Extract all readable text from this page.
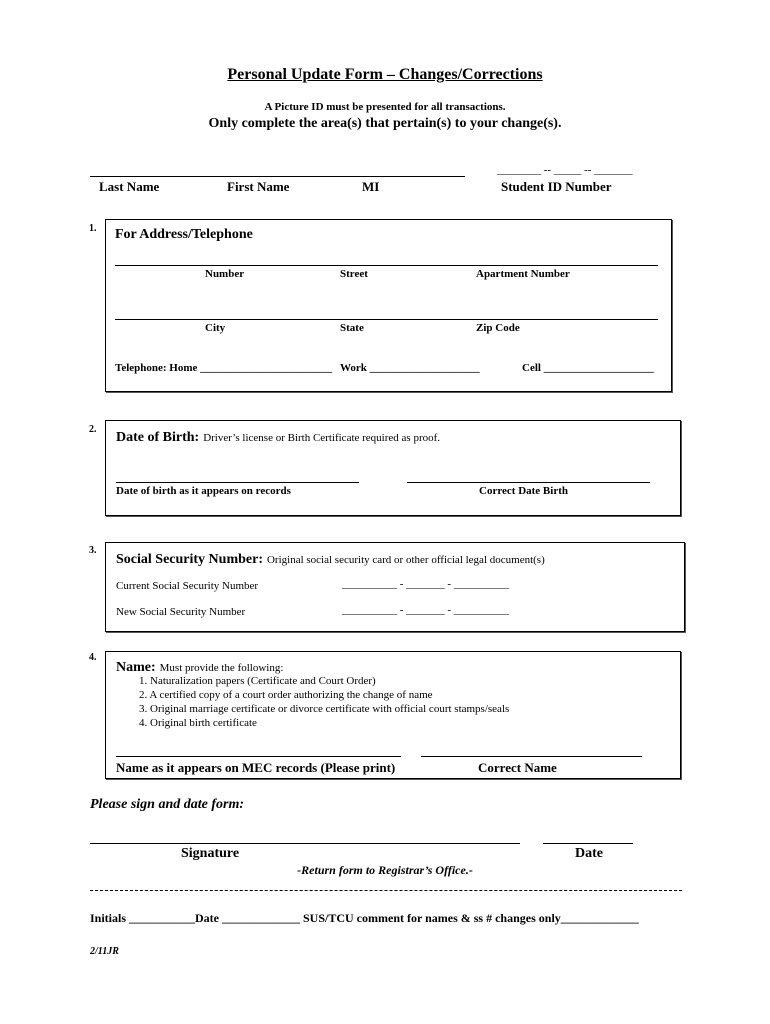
Personal Update Form – Changes/Corrections
A Picture ID must be presented for all transactions.
Only complete the area(s) that pertain(s) to your change(s).
________ -- _____ -- _______
Last Name	First Name	MI	Student ID Number
1. For Address/Telephone
Number	Street	Apartment Number
City	State	Zip Code
Telephone: Home ________________________ Work ____________________	Cell ____________________
2.
Date of Birth: Driver’s license or Birth Certificate required as proof.
Date of birth as it appears on records	Correct Date Birth
3.
Social Security Number: Original social security card or other official legal document(s)
Current Social Security Number	__________ - _______ - __________
New Social Security Number	__________ - _______ - __________
4.
Name: Must provide the following:
1. Naturalization papers (Certificate and Court Order)
2. A certified copy of a court order authorizing the change of name
3. Original marriage certificate or divorce certificate with official court stamps/seals
4. Original birth certificate
Name as it appears on MEC records (Please print)	Correct Name
Please sign and date form:
Signature	Date
-Return form to Registrar’s Office.-
Initials ___________Date _____________ SUS/TCU comment for names & ss # changes only_____________
2/11JR
